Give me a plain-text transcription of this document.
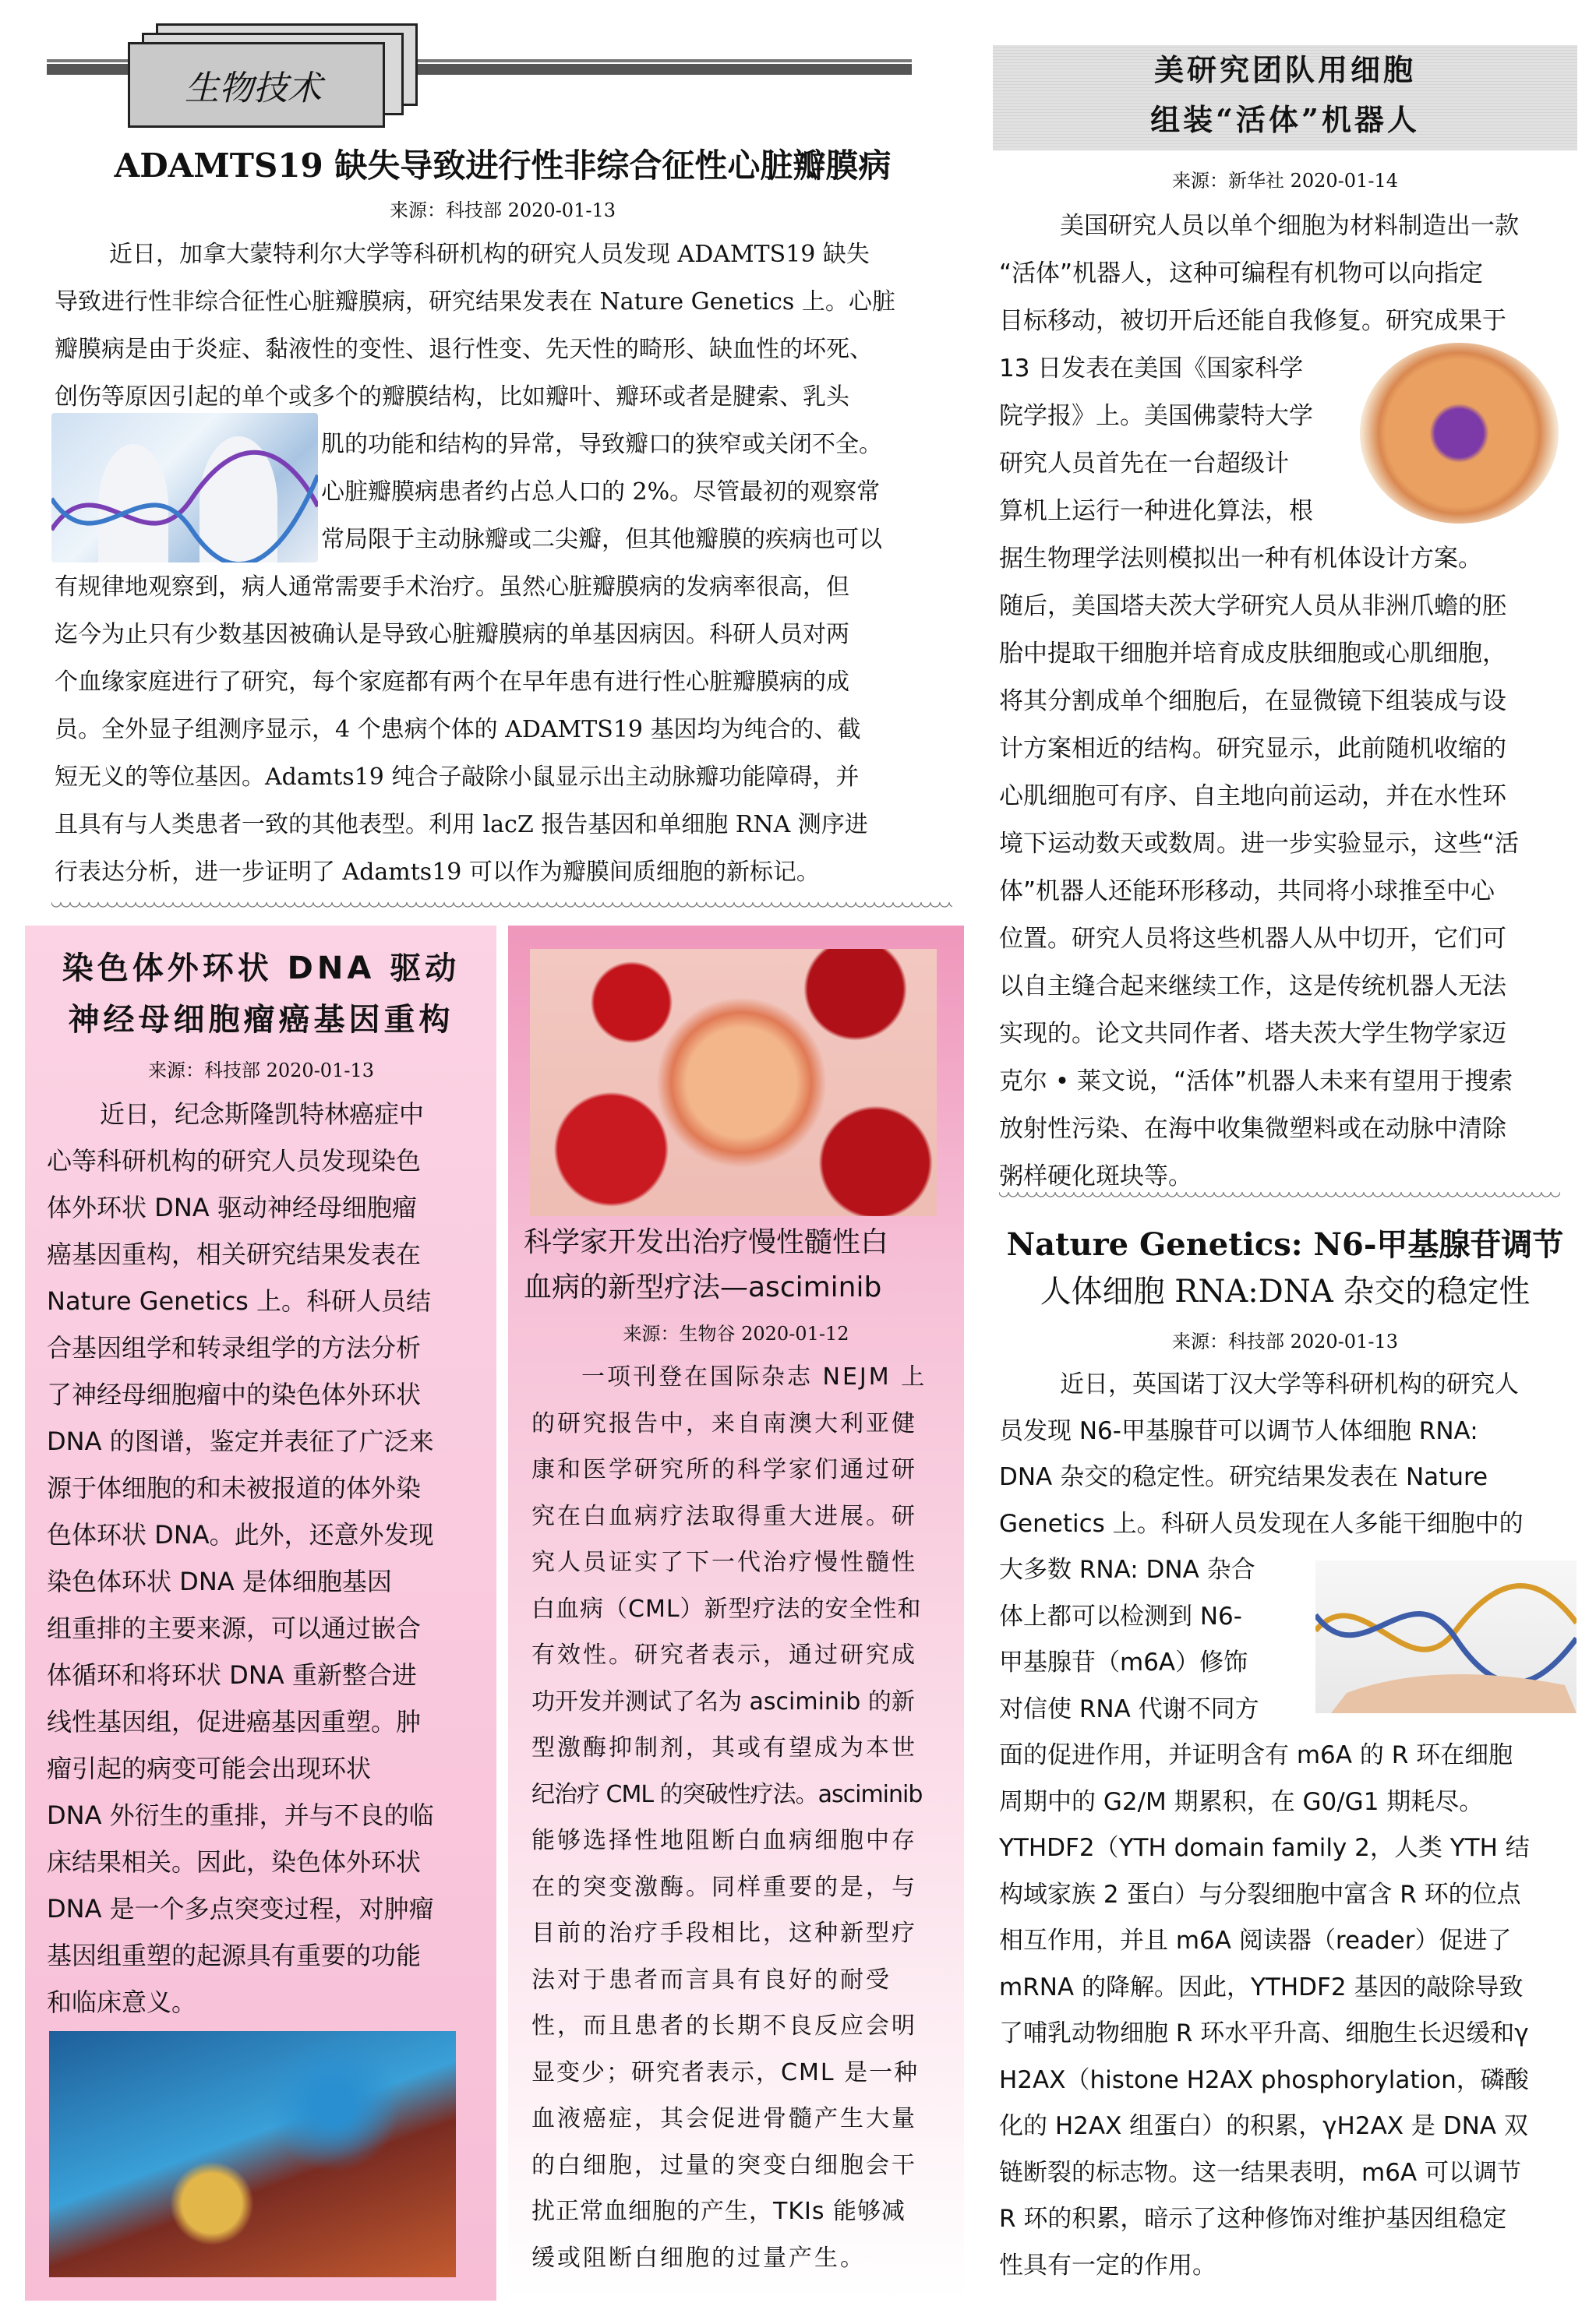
生物技术
ADAMTS19 缺失导致进行性非综合征性心脏瓣膜病
来源：科技部 2020-01-13

近日，加拿大蒙特利尔大学等科研机构的研究人员发现 ADAMTS19 缺失

导致进行性非综合征性心脏瓣膜病，研究结果发表在 Nature Genetics 上。心脏

瓣膜病是由于炎症、黏液性的变性、退行性变、先天性的畸形、缺血性的坏死、

创伤等原因引起的单个或多个的瓣膜结构，比如瓣叶、瓣环或者是腱索、乳头

肌的功能和结构的异常，导致瓣口的狭窄或关闭不全。

心脏瓣膜病患者约占总人口的 2%。尽管最初的观察常

常局限于主动脉瓣或二尖瓣，但其他瓣膜的疾病也可以

有规律地观察到，病人通常需要手术治疗。虽然心脏瓣膜病的发病率很高，但

迄今为止只有少数基因被确认是导致心脏瓣膜病的单基因病因。科研人员对两

个血缘家庭进行了研究，每个家庭都有两个在早年患有进行性心脏瓣膜病的成

员。全外显子组测序显示，4 个患病个体的 ADAMTS19 基因均为纯合的、截

短无义的等位基因。Adamts19 纯合子敲除小鼠显示出主动脉瓣功能障碍，并

且具有与人类患者一致的其他表型。利用 lacZ 报告基因和单细胞 RNA 测序进

行表达分析，进一步证明了 Adamts19 可以作为瓣膜间质细胞的新标记。

美研究团队用细胞
组装“活体”机器人
来源：新华社 2020-01-14

美国研究人员以单个细胞为材料制造出一款

“活体”机器人，这种可编程有机物可以向指定

目标移动，被切开后还能自我修复。研究成果于

13 日发表在美国《国家科学

院学报》上。美国佛蒙特大学

研究人员首先在一台超级计

算机上运行一种进化算法，根

据生物理学法则模拟出一种有机体设计方案。

随后，美国塔夫茨大学研究人员从非洲爪蟾的胚

胎中提取干细胞并培育成皮肤细胞或心肌细胞，

将其分割成单个细胞后，在显微镜下组装成与设

计方案相近的结构。研究显示，此前随机收缩的

心肌细胞可有序、自主地向前运动，并在水性环

境下运动数天或数周。进一步实验显示，这些“活

体”机器人还能环形移动，共同将小球推至中心

位置。研究人员将这些机器人从中切开，它们可

以自主缝合起来继续工作，这是传统机器人无法

实现的。论文共同作者、塔夫茨大学生物学家迈

克尔 • 莱文说，“活体”机器人未来有望用于搜索

放射性污染、在海中收集微塑料或在动脉中清除

粥样硬化斑块等。

染色体外环状 DNA 驱动
神经母细胞瘤癌基因重构
来源：科技部 2020-01-13

近日，纪念斯隆凯特林癌症中

心等科研机构的研究人员发现染色

体外环状 DNA 驱动神经母细胞瘤

癌基因重构，相关研究结果发表在

Nature Genetics 上。科研人员结

合基因组学和转录组学的方法分析

了神经母细胞瘤中的染色体外环状

DNA 的图谱，鉴定并表征了广泛来

源于体细胞的和未被报道的体外染

色体环状 DNA。此外，还意外发现

染色体环状 DNA 是体细胞基因

组重排的主要来源，可以通过嵌合

体循环和将环状 DNA 重新整合进

线性基因组，促进癌基因重塑。肿

瘤引起的病变可能会出现环状

DNA 外衍生的重排，并与不良的临

床结果相关。因此，染色体外环状

DNA 是一个多点突变过程，对肿瘤

基因组重塑的起源具有重要的功能

和临床意义。

科学家开发出治疗慢性髓性白
血病的新型疗法—asciminib
来源：生物谷 2020-01-12

一项刊登在国际杂志 NEJM 上

的研究报告中，来自南澳大利亚健

康和医学研究所的科学家们通过研

究在白血病疗法取得重大进展。研

究人员证实了下一代治疗慢性髓性

白血病（CML）新型疗法的安全性和

有效性。研究者表示，通过研究成

功开发并测试了名为 asciminib 的新

型激酶抑制剂，其或有望成为本世

纪治疗 CML 的突破性疗法。asciminib

能够选择性地阻断白血病细胞中存

在的突变激酶。同样重要的是，与

目前的治疗手段相比，这种新型疗

法对于患者而言具有良好的耐受

性，而且患者的长期不良反应会明

显变少；研究者表示，CML 是一种

血液癌症，其会促进骨髓产生大量

的白细胞，过量的突变白细胞会干

扰正常血细胞的产生，TKIs 能够减

缓或阻断白细胞的过量产生。

Nature Genetics: N6-甲基腺苷调节
人体细胞 RNA:DNA 杂交的稳定性
来源：科技部 2020-01-13

近日，英国诺丁汉大学等科研机构的研究人

员发现 N6-甲基腺苷可以调节人体细胞 RNA:

DNA 杂交的稳定性。研究结果发表在 Nature

Genetics 上。科研人员发现在人多能干细胞中的

大多数 RNA: DNA 杂合

体上都可以检测到 N6-

甲基腺苷（m6A）修饰

对信使 RNA 代谢不同方

面的促进作用，并证明含有 m6A 的 R 环在细胞

周期中的 G2/M 期累积，在 G0/G1 期耗尽。

YTHDF2（YTH domain family 2，人类 YTH 结

构域家族 2 蛋白）与分裂细胞中富含 R 环的位点

相互作用，并且 m6A 阅读器（reader）促进了

mRNA 的降解。因此，YTHDF2 基因的敲除导致

了哺乳动物细胞 R 环水平升高、细胞生长迟缓和γ

H2AX（histone H2AX phosphorylation，磷酸

化的 H2AX 组蛋白）的积累，γH2AX 是 DNA 双

链断裂的标志物。这一结果表明，m6A 可以调节

R 环的积累，暗示了这种修饰对维护基因组稳定

性具有一定的作用。
